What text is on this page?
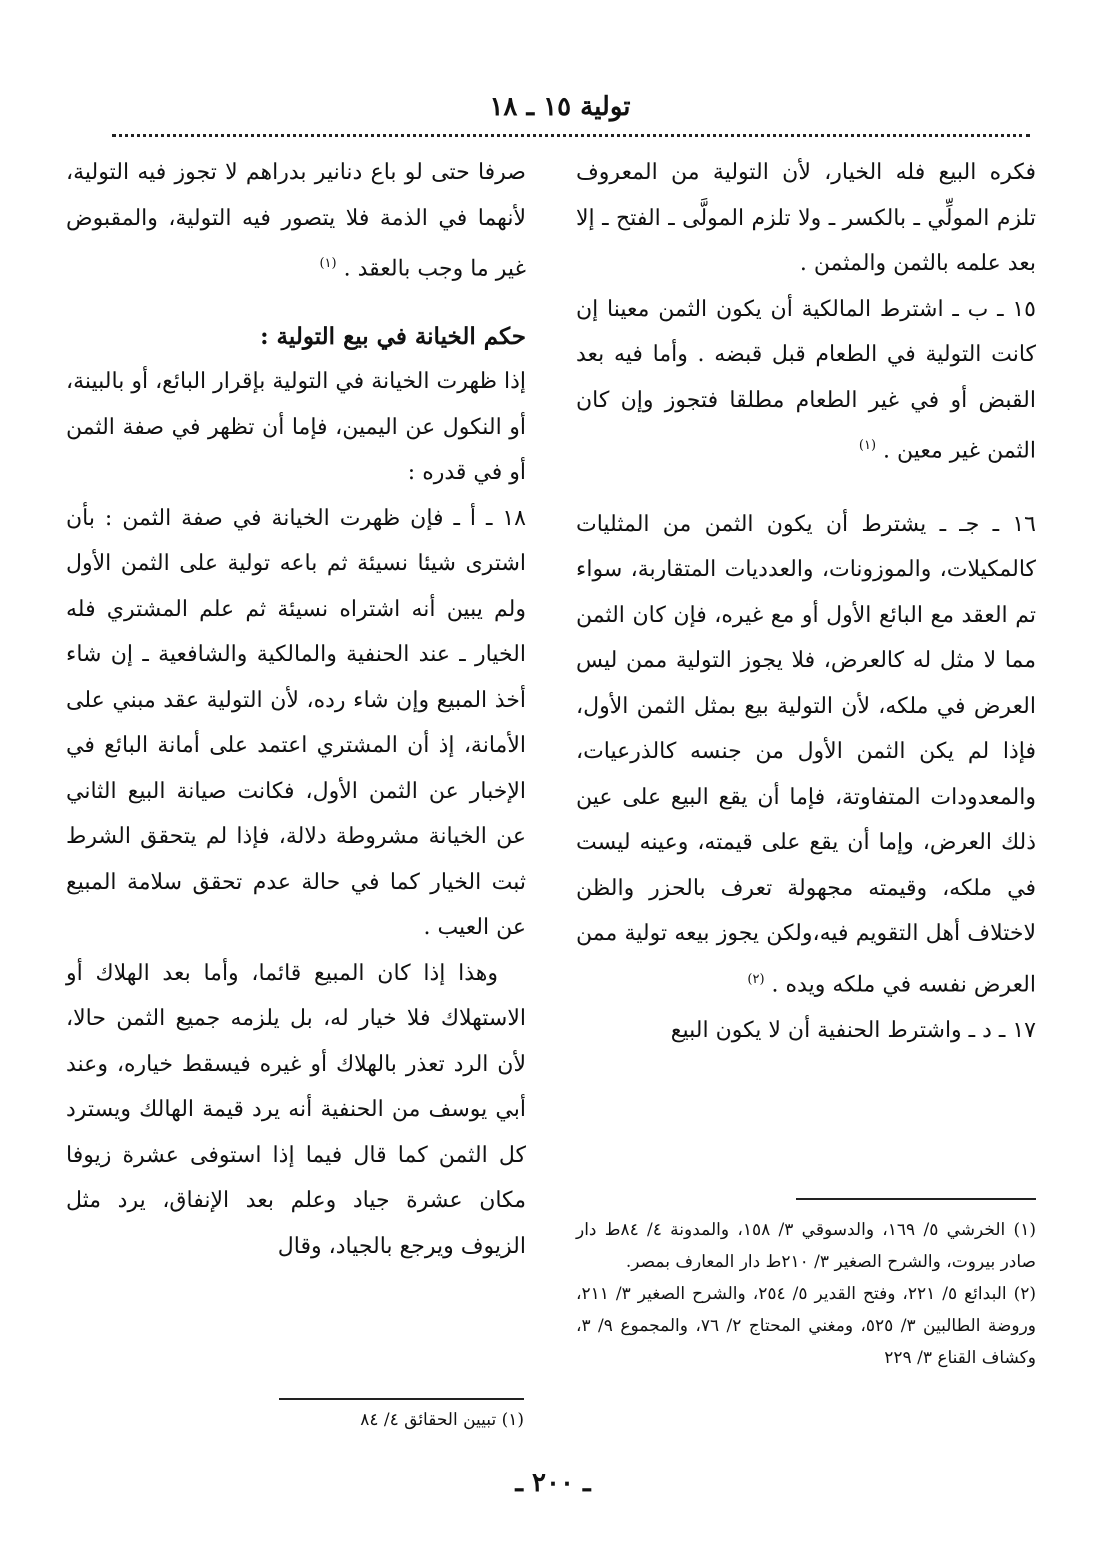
تولية ١٥ ـ ١٨

فكره البيع فله الخيار، لأن التولية من المعروف تلزم المولِّي ـ بالكسر ـ ولا تلزم المولَّى ـ الفتح ـ إلا بعد علمه بالثمن والمثمن .

١٥ ـ ب ـ اشترط المالكية أن يكون الثمن معينا إن كانت التولية في الطعام قبل قبضه . وأما فيه بعد القبض أو في غير الطعام مطلقا فتجوز وإن كان الثمن غير معين . $^{(١)}$

١٦ ـ جـ ـ يشترط أن يكون الثمن من المثليات كالمكيلات، والموزونات، والعدديات المتقاربة، سواء تم العقد مع البائع الأول أو مع غيره، فإن كان الثمن مما لا مثل له كالعرض، فلا يجوز التولية ممن ليس العرض في ملكه، لأن التولية بيع بمثل الثمن الأول، فإذا لم يكن الثمن الأول من جنسه كالذرعيات، والمعدودات المتفاوتة، فإما أن يقع البيع على عين ذلك العرض، وإما أن يقع على قيمته، وعينه ليست في ملكه، وقيمته مجهولة تعرف بالحزر والظن لاختلاف أهل التقويم فيه،ولكن يجوز بيعه تولية ممن العرض نفسه في ملكه ويده . $^{(٢)}$

١٧ ـ د ـ واشترط الحنفية أن لا يكون البيع

صرفا حتى لو باع دنانير بدراهم لا تجوز فيه التولية، لأنهما في الذمة فلا يتصور فيه التولية، والمقبوض غير ما وجب بالعقد . $^{(١)}$

حكم الخيانة في بيع التولية :

إذا ظهرت الخيانة في التولية بإقرار البائع، أو بالبينة، أو النكول عن اليمين، فإما أن تظهر في صفة الثمن أو في قدره :

١٨ ـ أ ـ فإن ظهرت الخيانة في صفة الثمن : بأن اشترى شيئا نسيئة ثم باعه تولية على الثمن الأول ولم يبين أنه اشتراه نسيئة ثم علم المشتري فله الخيار ـ عند الحنفية والمالكية والشافعية ـ إن شاء أخذ المبيع وإن شاء رده، لأن التولية عقد مبني على الأمانة، إذ أن المشتري اعتمد على أمانة البائع في الإخبار عن الثمن الأول، فكانت صيانة البيع الثاني عن الخيانة مشروطة دلالة، فإذا لم يتحقق الشرط ثبت الخيار كما في حالة عدم تحقق سلامة المبيع عن العيب .

وهذا إذا كان المبيع قائما، وأما بعد الهلاك أو الاستهلاك فلا خيار له، بل يلزمه جميع الثمن حالا، لأن الرد تعذر بالهلاك أو غيره فيسقط خياره، وعند أبي يوسف من الحنفية أنه يرد قيمة الهالك ويسترد كل الثمن كما قال فيما إذا استوفى عشرة زيوفا مكان عشرة جياد وعلم بعد الإنفاق، يرد مثل الزيوف ويرجع بالجياد، وقال

(١) الخرشي ٥/ ١٦٩، والدسوقي ٣/ ١٥٨، والمدونة ٤/ ٨٤ط دار صادر بيروت، والشرح الصغير ٣/ ٢١٠ط دار المعارف بمصر.

(٢) البدائع ٥/ ٢٢١، وفتح القدير ٥/ ٢٥٤، والشرح الصغير ٣/ ٢١١، وروضة الطالبين ٣/ ٥٢٥، ومغني المحتاج ٢/ ٧٦، والمجموع ٩/ ٣، وكشاف القناع ٣/ ٢٢٩

(١) تبيين الحقائق ٤/ ٨٤

ـ ٢٠٠ ـ
